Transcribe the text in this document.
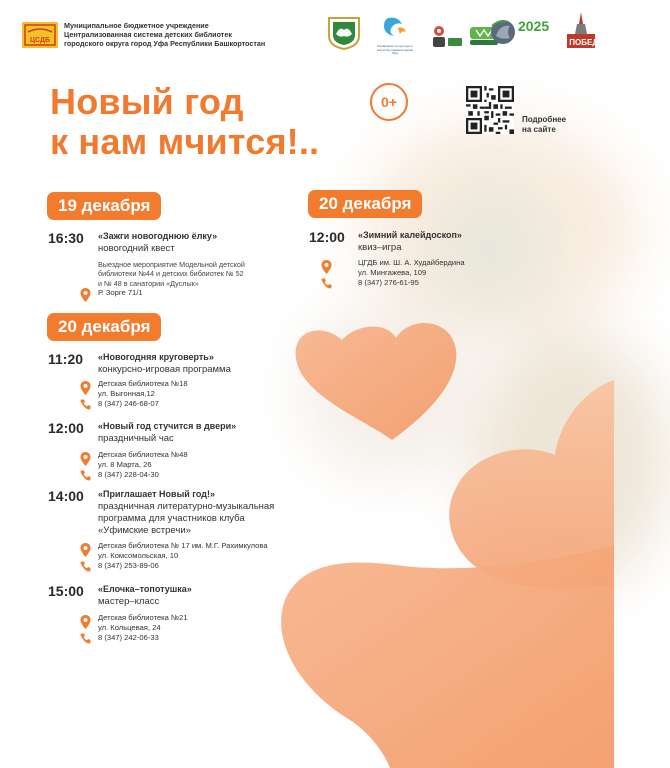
ЦСДБ
Муниципальное бюджетное учреждение
Централизованная система детских библиотек
городского округа город Уфа Республики Башкортостан	Управление по культуре и искусству Администрации Уфы
2025
80 ПОБЕДА
Новый год
к нам мчится!..
0+
Подробнее
на сайте
19 декабря
16:30 «Зажги новогоднюю ёлку»
новогодний квест
Выездное мероприятие Модельной детской
библиотеки №44 и детских библиотек № 52
и № 48 в санатории «Дуслык»
Р. Зорге 71/1
20 декабря
12:00 «Зимний калейдоскоп»
квиз–игра
ЦГДБ им. Ш. А. Худайбердина
ул. Мингажева, 109
8 (347) 276-61-95
20 декабря
11:20 «Новогодняя круговерть»
конкурсно-игровая программа
Детская библиотека №18
ул. Выгонная,12
8 (347) 246-68-07
12:00 «Новый год стучится в двери»
праздничный час
Детская библиотека №48
ул. 8 Марта, 26
8 (347) 228-04-30
14:00 «Приглашает Новый год!»
праздничная литературно-музыкальная
программа для участников клуба
«Уфимские встречи»
Детская библиотека № 17 им. М.Г. Рахимкулова
ул. Комсомольская, 10
8 (347) 253-89-06
15:00 «Елочка–топотушка»
мастер–класс
Детская библиотека №21
ул. Кольцевая, 24
8 (347) 242-06-33
